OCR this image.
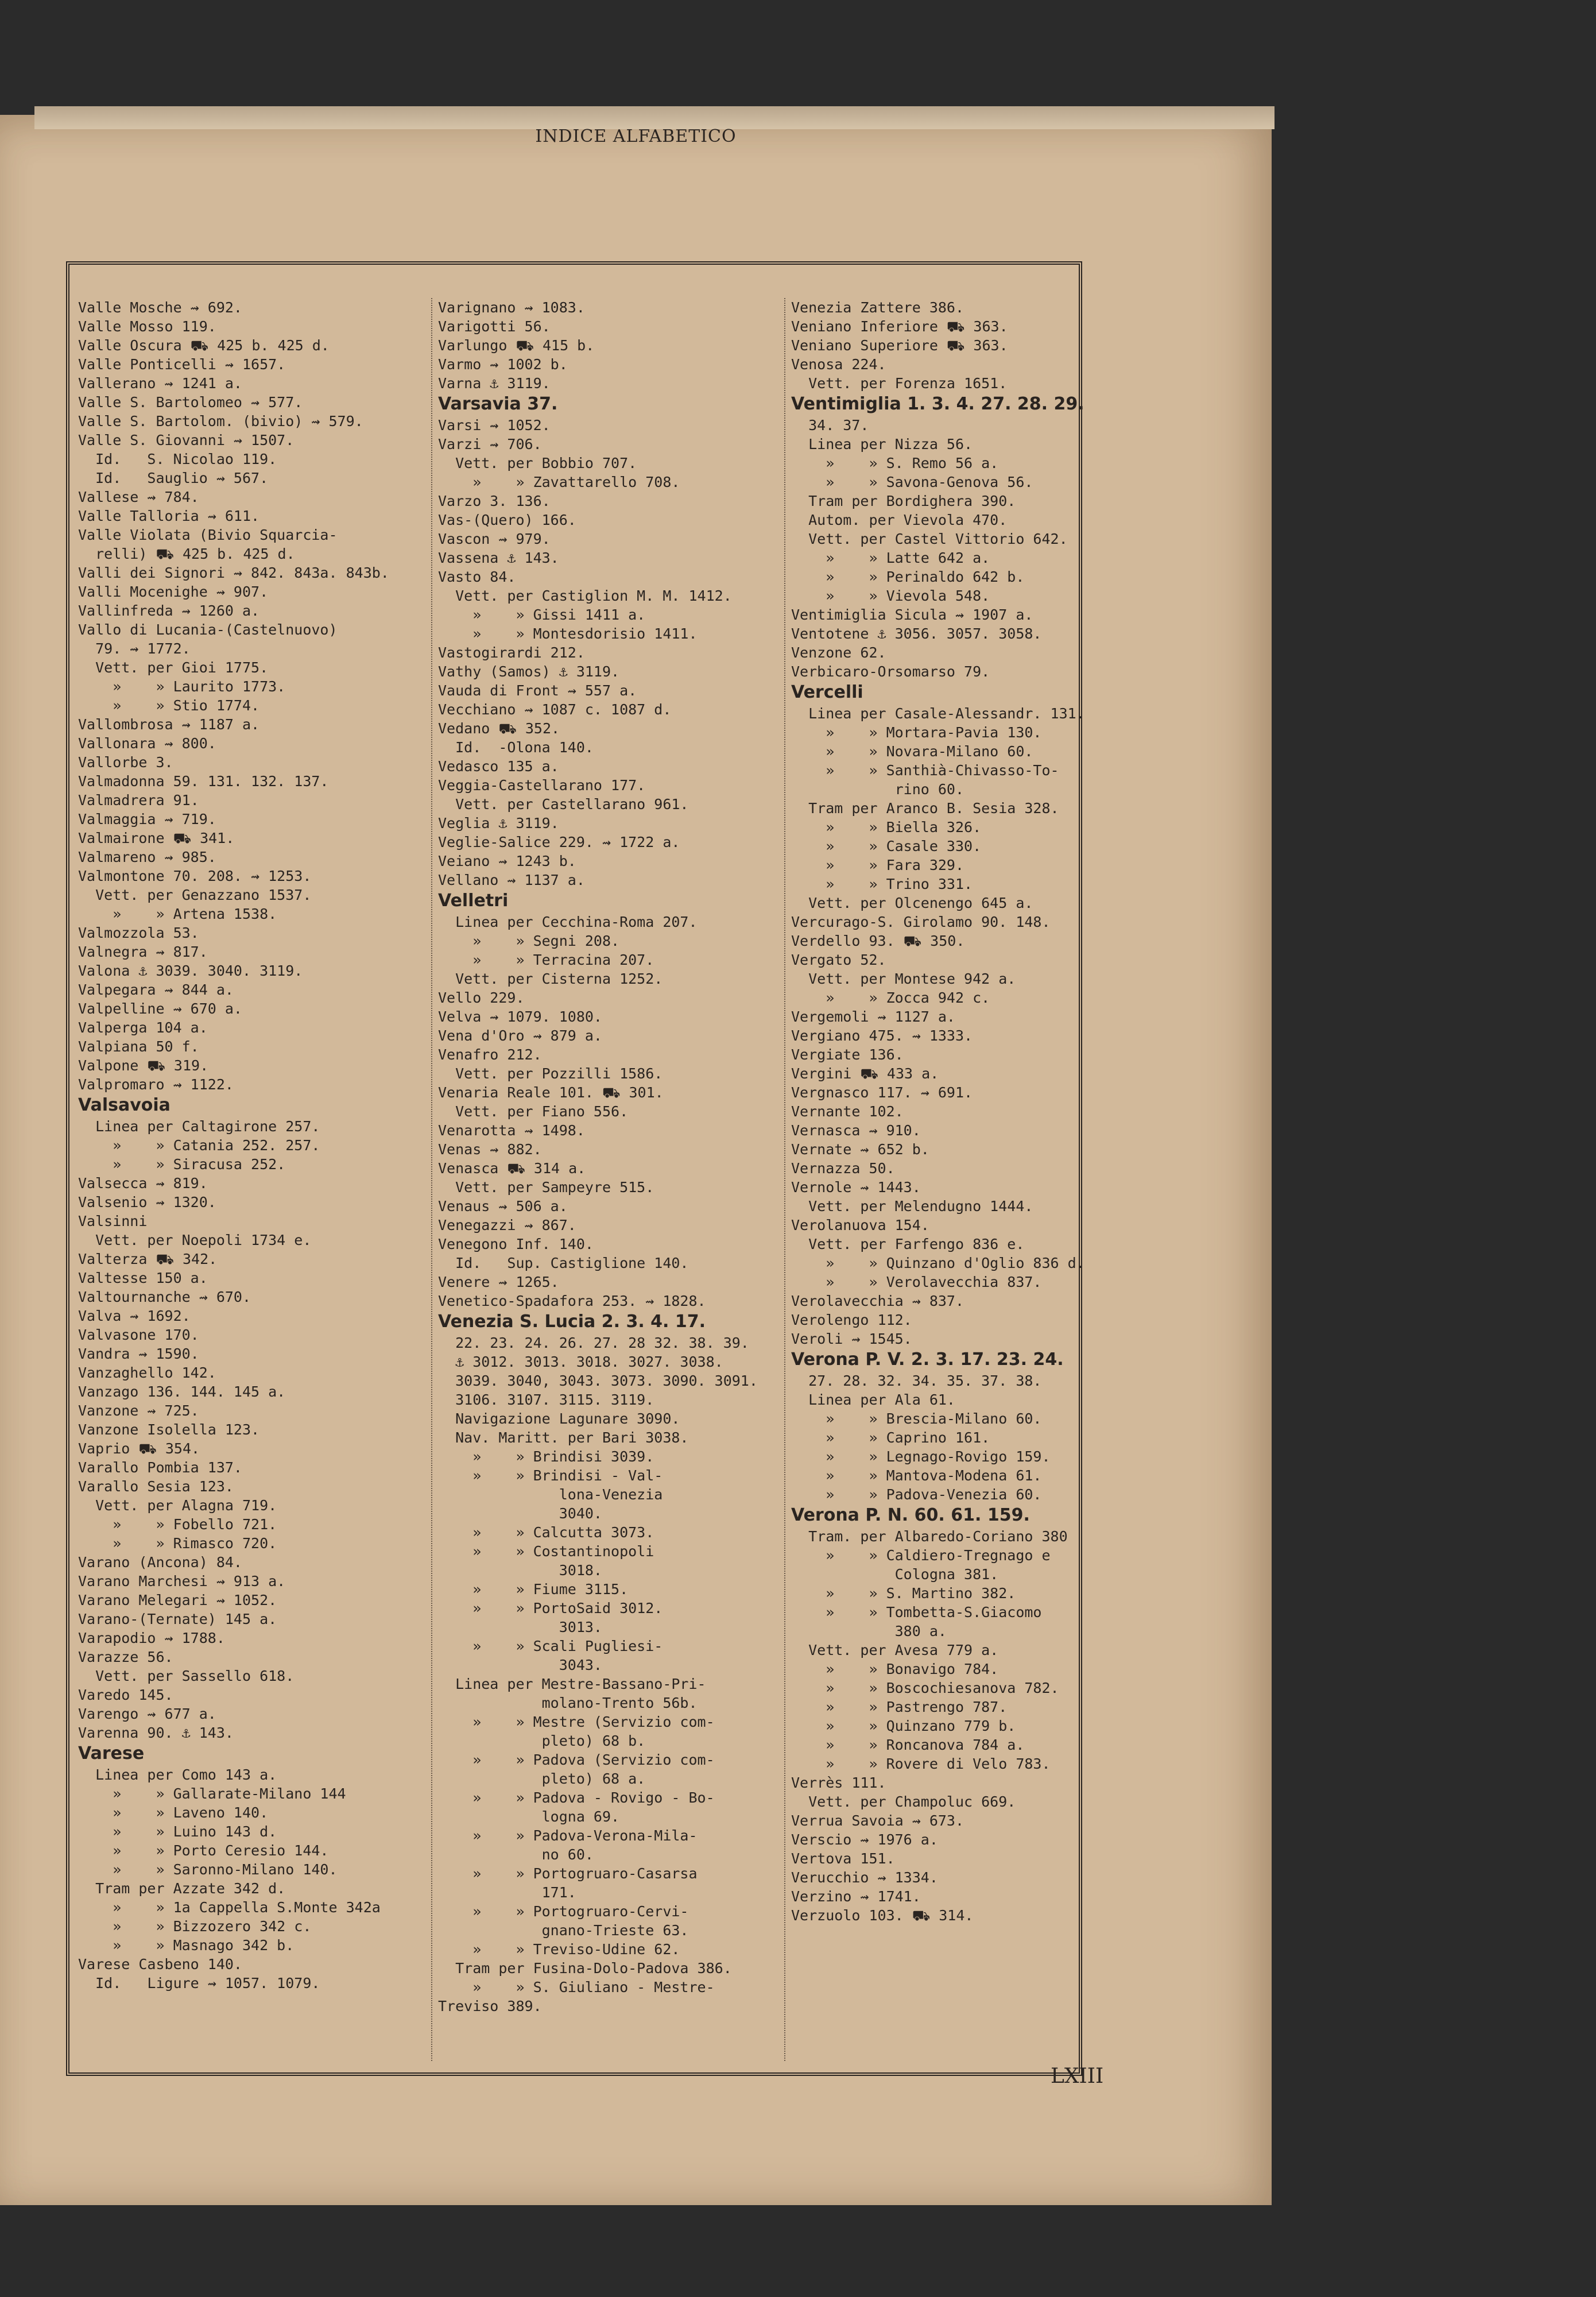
INDICE ALFABETICO
Valle Mosche ⇝ 692.
Valle Mosso 119.
Valle Oscura ⛟ 425 b. 425 d.
Valle Ponticelli ⇝ 1657.
Vallerano ⇝ 1241 a.
Valle S. Bartolomeo ⇝ 577.
Valle S. Bartolom. (bivio) ⇝ 579.
Valle S. Giovanni ⇝ 1507.
Id.   S. Nicolao 119.
Id.   Sauglio ⇝ 567.
Vallese ⇝ 784.
Valle Talloria ⇝ 611.
Valle Violata (Bivio Squarcia-
relli) ⛟ 425 b. 425 d.
Valli dei Signori ⇝ 842. 843a. 843b.
Valli Mocenighe ⇝ 907.
Vallinfreda ⇝ 1260 a.
Vallo di Lucania-(Castelnuovo)
79. ⇝ 1772.
Vett. per Gioi 1775.
»    » Laurito 1773.
»    » Stio 1774.
Vallombrosa ⇝ 1187 a.
Vallonara ⇝ 800.
Vallorbe 3.
Valmadonna 59. 131. 132. 137.
Valmadrera 91.
Valmaggia ⇝ 719.
Valmairone ⛟ 341.
Valmareno ⇝ 985.
Valmontone 70. 208. ⇝ 1253.
Vett. per Genazzano 1537.
»    » Artena 1538.
Valmozzola 53.
Valnegra ⇝ 817.
Valona ⚓ 3039. 3040. 3119.
Valpegara ⇝ 844 a.
Valpelline ⇝ 670 a.
Valperga 104 a.
Valpiana 50 f.
Valpone ⛟ 319.
Valpromaro ⇝ 1122.
Valsavoia
Linea per Caltagirone 257.
»    » Catania 252. 257.
»    » Siracusa 252.
Valsecca ⇝ 819.
Valsenio ⇝ 1320.
Valsinni
Vett. per Noepoli 1734 e.
Valterza ⛟ 342.
Valtesse 150 a.
Valtournanche ⇝ 670.
Valva ⇝ 1692.
Valvasone 170.
Vandra ⇝ 1590.
Vanzaghello 142.
Vanzago 136. 144. 145 a.
Vanzone ⇝ 725.
Vanzone Isolella 123.
Vaprio ⛟ 354.
Varallo Pombia 137.
Varallo Sesia 123.
Vett. per Alagna 719.
»    » Fobello 721.
»    » Rimasco 720.
Varano (Ancona) 84.
Varano Marchesi ⇝ 913 a.
Varano Melegari ⇝ 1052.
Varano-(Ternate) 145 a.
Varapodio ⇝ 1788.
Varazze 56.
Vett. per Sassello 618.
Varedo 145.
Varengo ⇝ 677 a.
Varenna 90. ⚓ 143.
Varese
Linea per Como 143 a.
»    » Gallarate-Milano 144
»    » Laveno 140.
»    » Luino 143 d.
»    » Porto Ceresio 144.
»    » Saronno-Milano 140.
Tram per Azzate 342 d.
»    » 1a Cappella S.Monte 342a
»    » Bizzozero 342 c.
»    » Masnago 342 b.
Varese Casbeno 140.
Id.   Ligure ⇝ 1057. 1079.
Varignano ⇝ 1083.
Varigotti 56.
Varlungo ⛟ 415 b.
Varmo ⇝ 1002 b.
Varna ⚓ 3119.
Varsavia 37.
Varsi ⇝ 1052.
Varzi ⇝ 706.
Vett. per Bobbio 707.
»    » Zavattarello 708.
Varzo 3. 136.
Vas-(Quero) 166.
Vascon ⇝ 979.
Vassena ⚓ 143.
Vasto 84.
Vett. per Castiglion M. M. 1412.
»    » Gissi 1411 a.
»    » Montesdorisio 1411.
Vastogirardi 212.
Vathy (Samos) ⚓ 3119.
Vauda di Front ⇝ 557 a.
Vecchiano ⇝ 1087 c. 1087 d.
Vedano ⛟ 352.
Id.  -Olona 140.
Vedasco 135 a.
Veggia-Castellarano 177.
Vett. per Castellarano 961.
Veglia ⚓ 3119.
Veglie-Salice 229. ⇝ 1722 a.
Veiano ⇝ 1243 b.
Vellano ⇝ 1137 a.
Velletri
Linea per Cecchina-Roma 207.
»    » Segni 208.
»    » Terracina 207.
Vett. per Cisterna 1252.
Vello 229.
Velva ⇝ 1079. 1080.
Vena d'Oro ⇝ 879 a.
Venafro 212.
Vett. per Pozzilli 1586.
Venaria Reale 101. ⛟ 301.
Vett. per Fiano 556.
Venarotta ⇝ 1498.
Venas ⇝ 882.
Venasca ⛟ 314 a.
Vett. per Sampeyre 515.
Venaus ⇝ 506 a.
Venegazzi ⇝ 867.
Venegono Inf. 140.
Id.   Sup. Castiglione 140.
Venere ⇝ 1265.
Venetico-Spadafora 253. ⇝ 1828.
Venezia S. Lucia 2. 3. 4. 17.
22. 23. 24. 26. 27. 28 32. 38. 39.
⚓ 3012. 3013. 3018. 3027. 3038.
3039. 3040, 3043. 3073. 3090. 3091.
3106. 3107. 3115. 3119.
Navigazione Lagunare 3090.
Nav. Maritt. per Bari 3038.
»    » Brindisi 3039.
»    » Brindisi - Val-
lona-Venezia
3040.
»    » Calcutta 3073.
»    » Costantinopoli
3018.
»    » Fiume 3115.
»    » PortoSaid 3012.
3013.
»    » Scali Pugliesi-
3043.
Linea per Mestre-Bassano-Pri-
molano-Trento 56b.
»    » Mestre (Servizio com-
pleto) 68 b.
»    » Padova (Servizio com-
pleto) 68 a.
»    » Padova - Rovigo - Bo-
logna 69.
»    » Padova-Verona-Mila-
no 60.
»    » Portogruaro-Casarsa
171.
»    » Portogruaro-Cervi-
gnano-Trieste 63.
»    » Treviso-Udine 62.
Tram per Fusina-Dolo-Padova 386.
»    » S. Giuliano - Mestre-
Treviso 389.
Venezia Zattere 386.
Veniano Inferiore ⛟ 363.
Veniano Superiore ⛟ 363.
Venosa 224.
Vett. per Forenza 1651.
Ventimiglia 1. 3. 4. 27. 28. 29.
34. 37.
Linea per Nizza 56.
»    » S. Remo 56 a.
»    » Savona-Genova 56.
Tram per Bordighera 390.
Autom. per Vievola 470.
Vett. per Castel Vittorio 642.
»    » Latte 642 a.
»    » Perinaldo 642 b.
»    » Vievola 548.
Ventimiglia Sicula ⇝ 1907 a.
Ventotene ⚓ 3056. 3057. 3058.
Venzone 62.
Verbicaro-Orsomarso 79.
Vercelli
Linea per Casale-Alessandr. 131.
»    » Mortara-Pavia 130.
»    » Novara-Milano 60.
»    » Santhià-Chivasso-To-
rino 60.
Tram per Aranco B. Sesia 328.
»    » Biella 326.
»    » Casale 330.
»    » Fara 329.
»    » Trino 331.
Vett. per Olcenengo 645 a.
Vercurago-S. Girolamo 90. 148.
Verdello 93. ⛟ 350.
Vergato 52.
Vett. per Montese 942 a.
»    » Zocca 942 c.
Vergemoli ⇝ 1127 a.
Vergiano 475. ⇝ 1333.
Vergiate 136.
Vergini ⛟ 433 a.
Vergnasco 117. ⇝ 691.
Vernante 102.
Vernasca ⇝ 910.
Vernate ⇝ 652 b.
Vernazza 50.
Vernole ⇝ 1443.
Vett. per Melendugno 1444.
Verolanuova 154.
Vett. per Farfengo 836 e.
»    » Quinzano d'Oglio 836 d.
»    » Verolavecchia 837.
Verolavecchia ⇝ 837.
Verolengo 112.
Veroli ⇝ 1545.
Verona P. V. 2. 3. 17. 23. 24.
27. 28. 32. 34. 35. 37. 38.
Linea per Ala 61.
»    » Brescia-Milano 60.
»    » Caprino 161.
»    » Legnago-Rovigo 159.
»    » Mantova-Modena 61.
»    » Padova-Venezia 60.
Verona P. N. 60. 61. 159.
Tram. per Albaredo-Coriano 380
»    » Caldiero-Tregnago e
Cologna 381.
»    » S. Martino 382.
»    » Tombetta-S.Giacomo
380 a.
Vett. per Avesa 779 a.
»    » Bonavigo 784.
»    » Boscochiesanova 782.
»    » Pastrengo 787.
»    » Quinzano 779 b.
»    » Roncanova 784 a.
»    » Rovere di Velo 783.
Verrès 111.
Vett. per Champoluc 669.
Verrua Savoia ⇝ 673.
Verscio ⇝ 1976 a.
Vertova 151.
Verucchio ⇝ 1334.
Verzino ⇝ 1741.
Verzuolo 103. ⛟ 314.
LXIII
